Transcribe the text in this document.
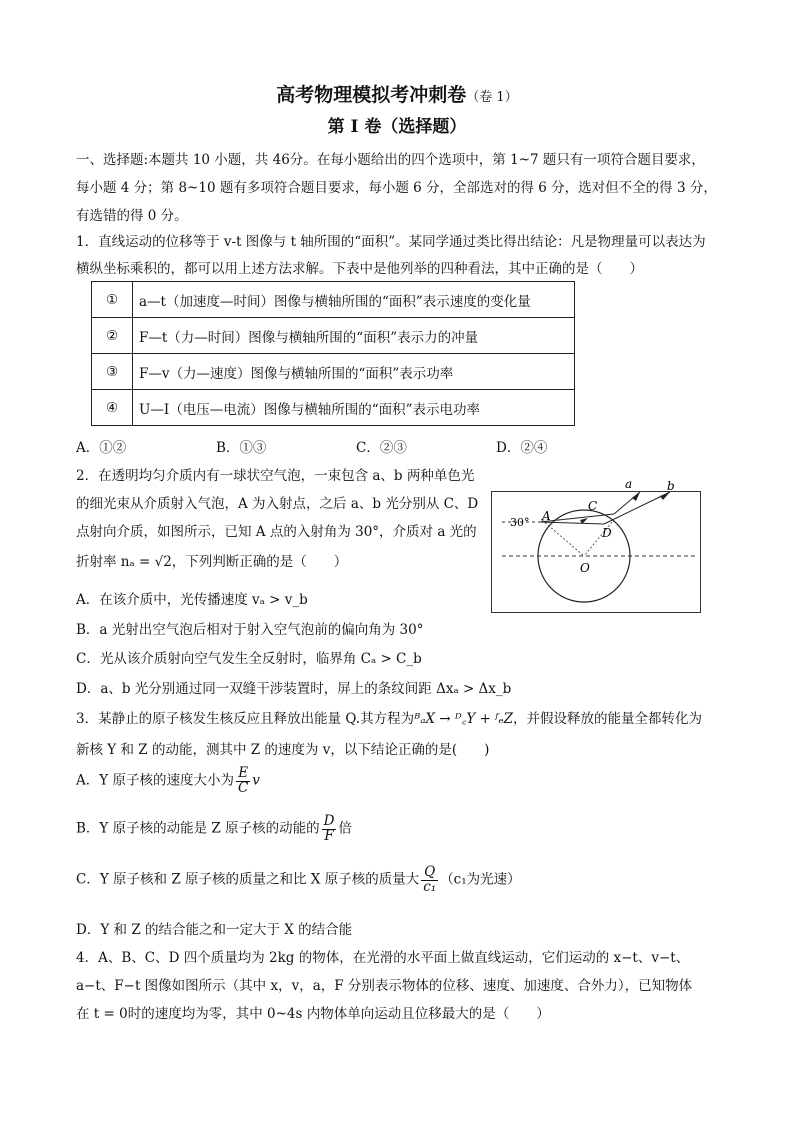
高考物理模拟考冲刺卷（卷 1）
第 I 卷（选择题）
一、选择题:本题共 10 小题，共 46分。在每小题给出的四个选项中，第 1~7 题只有一项符合题目要求，
每小题 4 分；第 8~10 题有多项符合题目要求，每小题 6 分，全部选对的得 6 分，选对但不全的得 3 分，
有选错的得 0 分。
1．直线运动的位移等于 v-t 图像与 t 轴所围的“面积”。某同学通过类比得出结论：凡是物理量可以表达为
横纵坐标乘积的，都可以用上述方法求解。下表中是他列举的四种看法，其中正确的是（　　）
①	a—t（加速度—时间）图像与横轴所围的“面积”表示速度的变化量
②	F—t（力—时间）图像与横轴所围的“面积”表示力的冲量
③	F—v（力—速度）图像与横轴所围的“面积”表示功率
④	U—I（电压—电流）图像与横轴所围的“面积”表示电功率
A．①②	B．①③	C．②③	D．②④
2．在透明均匀介质内有一球状空气泡，一束包含 a、b 两种单色光
的细光束从介质射入气泡，A 为入射点，之后 a、b 光分别从 C、D
点射向介质，如图所示，已知 A 点的入射角为 30°，介质对 a 光的
折射率 nₐ = √2，下列判断正确的是（　　）
a	b
A
C
D
O
30°
A．在该介质中，光传播速度 vₐ > v_b
B．a 光射出空气泡后相对于射入空气泡前的偏向角为 30°
C．光从该介质射向空气发生全反射时，临界角 Cₐ > C_b
D．a、b 光分别通过同一双缝干涉装置时，屏上的条纹间距 Δxₐ > Δx_b
3．某静止的原子核发生核反应且释放出能量 Q.其方程为ᴮₐX → ᴰ꜀Y + ᶠₑZ，并假设释放的能量全都转化为
新核 Y 和 Z 的动能，测其中 Z 的速度为 v，以下结论正确的是(　　)
A．Y 原子核的速度大小为 $\frac{E}{C}$ v
B．Y 原子核的动能是 Z 原子核的动能的 $\frac{D}{F}$ 倍
C．Y 原子核和 Z 原子核的质量之和比 X 原子核的质量大 $\frac{Q}{\text{c₁}} (c_1$为光速）
D．Y 和 Z 的结合能之和一定大于 X 的结合能
4．A、B、C、D 四个质量均为 2kg 的物体，在光滑的水平面上做直线运动，它们运动的 x−t、v−t、
a−t、F−t 图像如图所示（其中 x，v，a，F 分别表示物体的位移、速度、加速度、合外力），已知物体
在 t = 0时的速度均为零，其中 0~4s 内物体单向运动且位移最大的是（　　）
